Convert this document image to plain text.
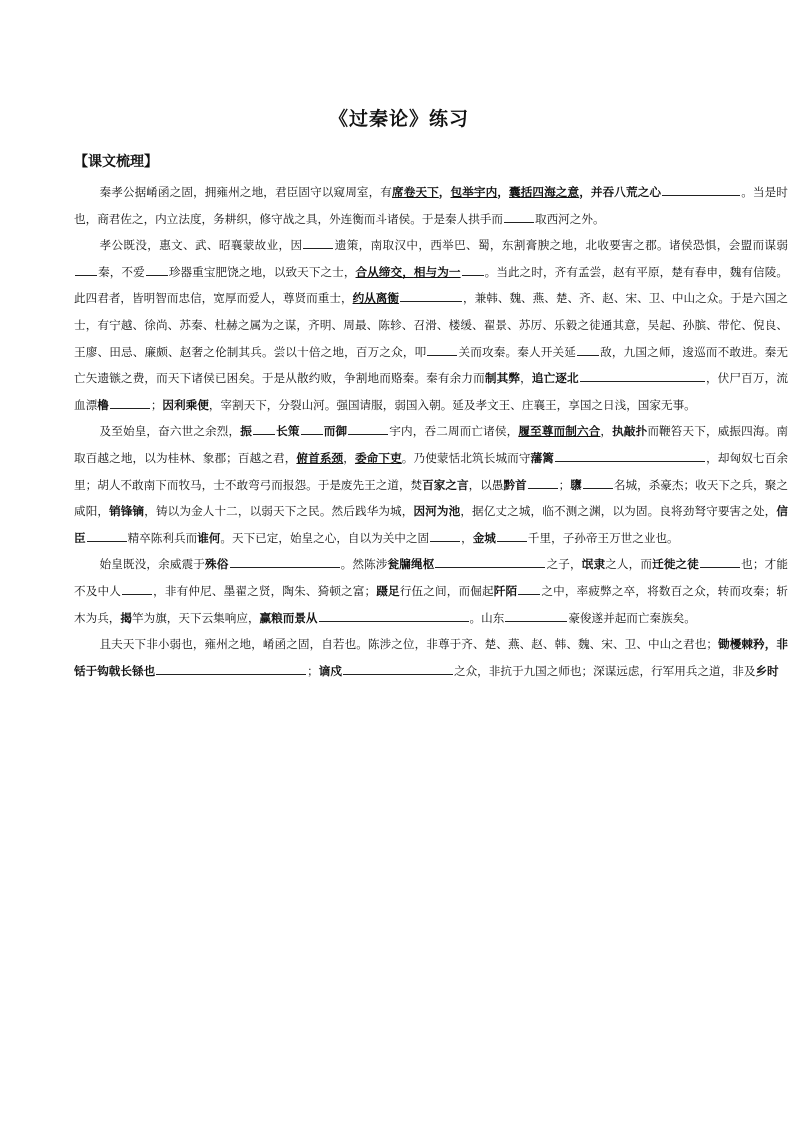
《过秦论》练习
【课文梳理】

秦孝公据崤函之固，拥雍州之地，君臣固守以窥周室，有席卷天下，包举宇内，囊括四海之意，并吞八荒之心	。当是时也，商君佐之，内立法度，务耕织，修守战之具，外连衡而斗诸侯。于是秦人拱手而	取西河之外。

孝公既没，惠文、武、昭襄蒙故业，因	遗策，南取汉中，西举巴、蜀，东割膏腴之地，北收要害之郡。诸侯恐惧，会盟而谋弱秦，不爱 珍器重宝肥饶之地，以致天下之士，合从缔交，相与为一 。当此之时，齐有孟尝，赵有平原，楚有春申，魏有信陵。此四君者，皆明智而忠信，宽厚而爱人，尊贤而重士，约从离衡	，兼韩、魏、燕、楚、齐、赵、宋、卫、中山之众。于是六国之士，有宁越、徐尚、苏秦、杜赫之属为之谋，齐明、周最、陈轸、召滑、楼缓、翟景、苏厉、乐毅之徒通其意，吴起、孙膑、带佗、倪良、王廖、田忌、廉颇、赵奢之伦制其兵。尝以十倍之地，百万之众，叩	关而攻秦。秦人开关延 敌，九国之师，逡巡而不敢进。秦无亡矢遗镞之费，而天下诸侯已困矣。于是从散约败，争割地而赂秦。秦有余力而制其弊，追亡逐北	，伏尸百万，流血漂橹	；因利乘便，宰割天下，分裂山河。强国请服，弱国入朝。延及孝文王、庄襄王，享国之日浅，国家无事。

及至始皇，奋六世之余烈，振 长策 而御	宇内，吞二周而亡诸侯，履至尊而制六合，执敲扑而鞭笞天下，威振四海。南取百越之地，以为桂林、象郡；百越之君，俯首系颈，委命下吏。乃使蒙恬北筑长城而守藩篱	，却匈奴七百余里；胡人不敢南下而牧马，士不敢弯弓而报怨。于是废先王之道，焚百家之言，以愚黔首	；隳	名城，杀豪杰；收天下之兵，聚之咸阳，销锋镝，铸以为金人十二，以弱天下之民。然后践华为城，因河为池，据亿丈之城，临不测之渊，以为固。良将劲弩守要害之处，信臣	精卒陈利兵而谁何。天下已定，始皇之心，自以为关中之固	，金城	千里，子孙帝王万世之业也。

始皇既没，余威震于殊俗	。然陈涉瓮牖绳枢	之子，氓隶之人，而迁徙之徒	也；才能不及中人	，非有仲尼、墨翟之贤，陶朱、猗顿之富；蹑足行伍之间，而倔起阡陌 之中，率疲弊之卒，将数百之众，转而攻秦；斩木为兵，揭竿为旗，天下云集响应，赢粮而景从	。山东	豪俊遂并起而亡秦族矣。

且夫天下非小弱也，雍州之地，崤函之固，自若也。陈涉之位，非尊于齐、楚、燕、赵、韩、魏、宋、卫、中山之君也；锄櫌棘矜，非铦于钩戟长铩也	；谪戍	之众，非抗于九国之师也；深谋远虑，行军用兵之道，非及乡时
